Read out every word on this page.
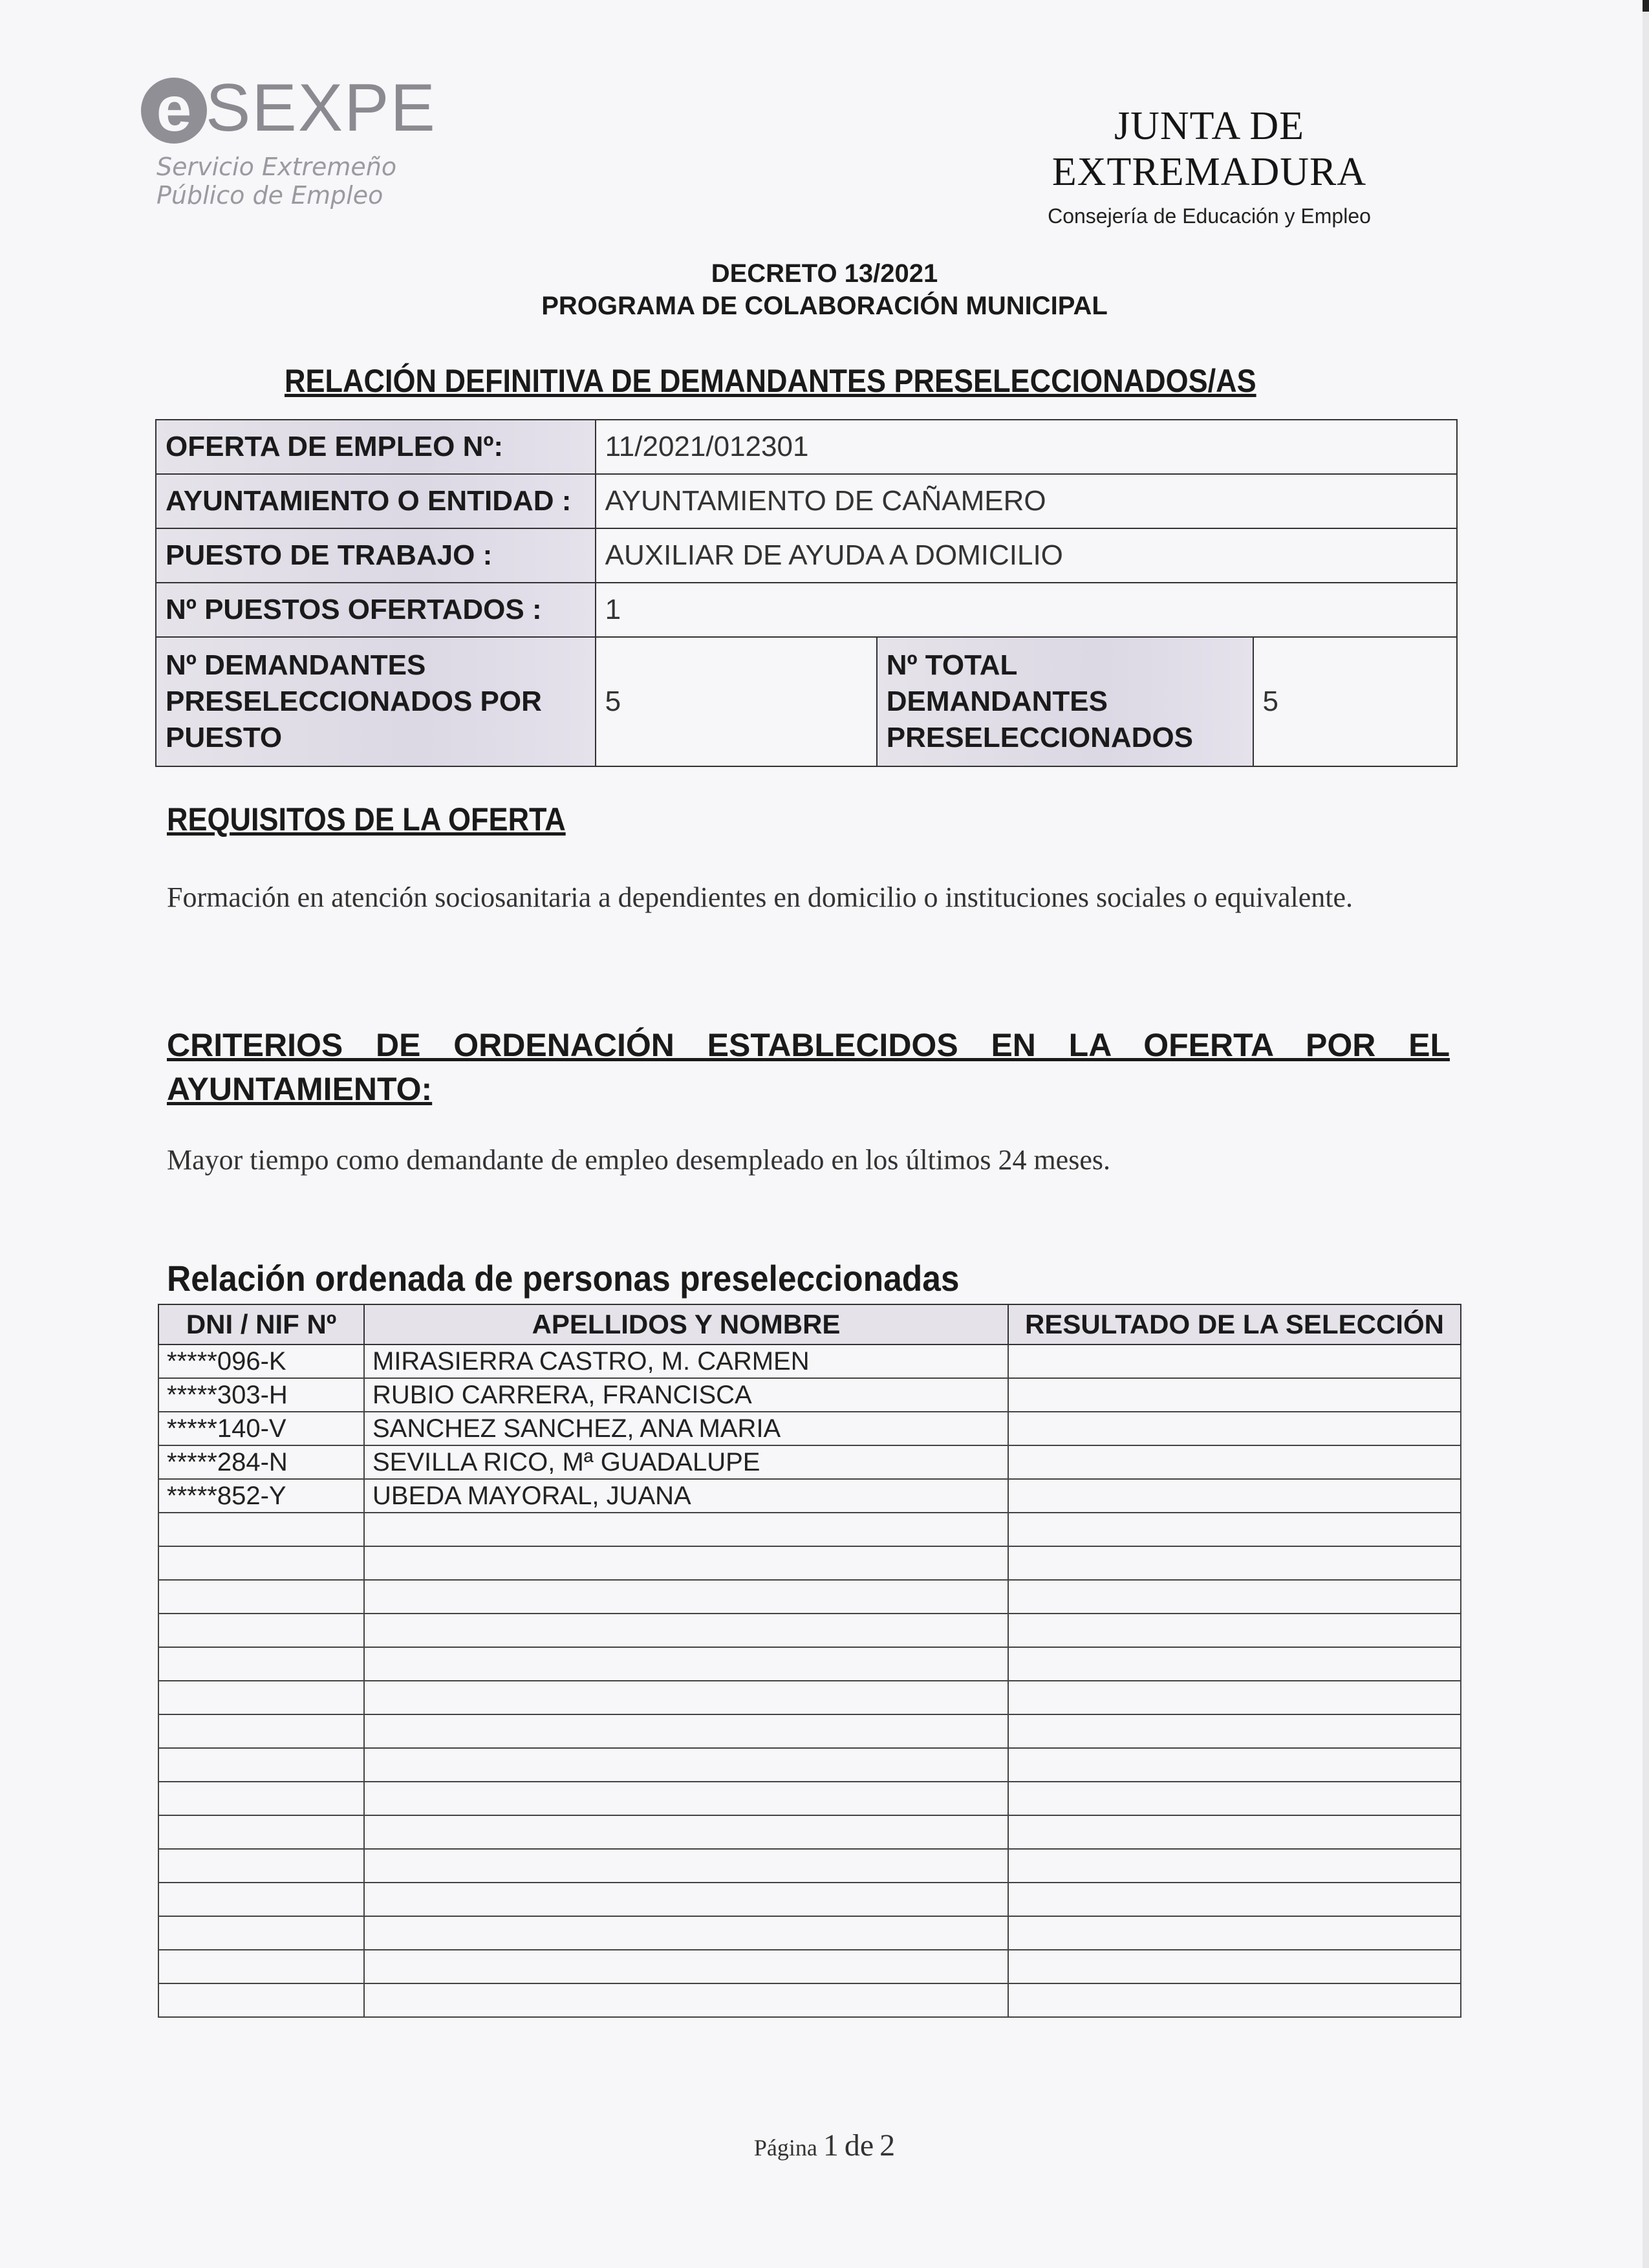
e SEXPE
Servicio Extremeño
Público de Empleo
JUNTA DE EXTREMADURA
Consejería de Educación y Empleo
DECRETO 13/2021
PROGRAMA DE COLABORACIÓN MUNICIPAL
RELACIÓN DEFINITIVA DE DEMANDANTES PRESELECCIONADOS/AS
OFERTA DE EMPLEO Nº:	11/2021/012301		
AYUNTAMIENTO O ENTIDAD :	AYUNTAMIENTO DE CAÑAMERO		
PUESTO DE TRABAJO :	AUXILIAR DE AYUDA A DOMICILIO		
Nº PUESTOS OFERTADOS :	1		
Nº DEMANDANTES PRESELECCIONADOS POR PUESTO	5	Nº TOTAL DEMANDANTES PRESELECCIONADOS	5
REQUISITOS DE LA OFERTA
Formación en atención sociosanitaria a dependientes en domicilio o instituciones sociales o equivalente.
CRITERIOS DE ORDENACIÓN ESTABLECIDOS EN LA OFERTA POR EL AYUNTAMIENTO:
Mayor tiempo como demandante de empleo desempleado en los últimos 24 meses.
Relación ordenada de personas preseleccionadas
DNI / NIF Nº	APELLIDOS Y NOMBRE	RESULTADO DE LA SELECCIÓN
*****096-K	MIRASIERRA CASTRO, M. CARMEN	
*****303-H	RUBIO CARRERA, FRANCISCA	
*****140-V	SANCHEZ SANCHEZ, ANA MARIA	
*****284-N	SEVILLA RICO, Mª GUADALUPE	
*****852-Y	UBEDA MAYORAL, JUANA	

Página 1 de 2
